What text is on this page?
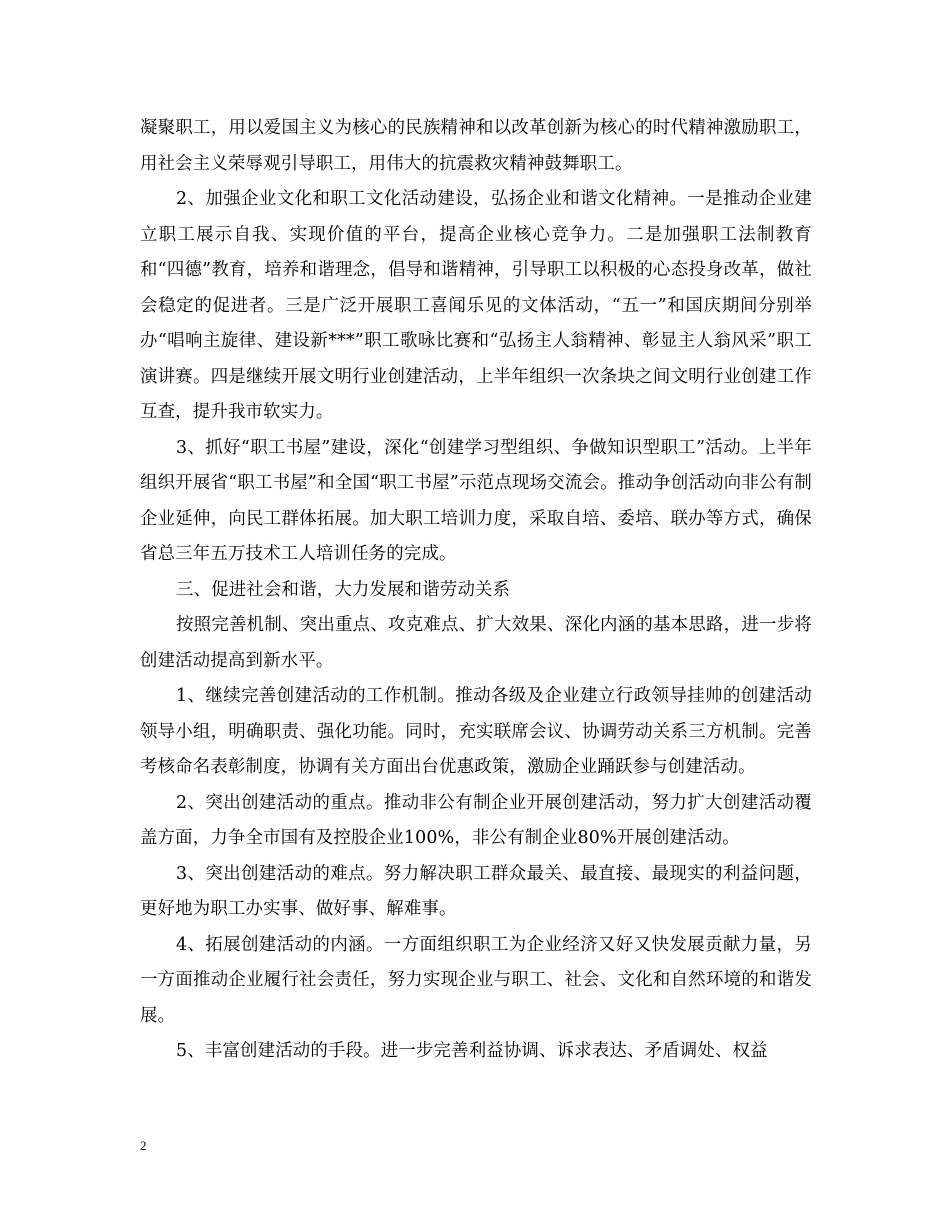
凝聚职工，用以爱国主义为核心的民族精神和以改革创新为核心的时代精神激励职工，用社会主义荣辱观引导职工，用伟大的抗震救灾精神鼓舞职工。

2、加强企业文化和职工文化活动建设，弘扬企业和谐文化精神。一是推动企业建立职工展示自我、实现价值的平台，提高企业核心竞争力。二是加强职工法制教育和“四德”教育，培养和谐理念，倡导和谐精神，引导职工以积极的心态投身改革，做社会稳定的促进者。三是广泛开展职工喜闻乐见的文体活动，“五一”和国庆期间分别举办“唱响主旋律、建设新***”职工歌咏比赛和“弘扬主人翁精神、彰显主人翁风采”职工演讲赛。四是继续开展文明行业创建活动，上半年组织一次条块之间文明行业创建工作互查，提升我市软实力。

3、抓好“职工书屋”建设，深化“创建学习型组织、争做知识型职工”活动。上半年组织开展省“职工书屋”和全国“职工书屋”示范点现场交流会。推动争创活动向非公有制企业延伸，向民工群体拓展。加大职工培训力度，采取自培、委培、联办等方式，确保省总三年五万技术工人培训任务的完成。

三、促进社会和谐，大力发展和谐劳动关系

按照完善机制、突出重点、攻克难点、扩大效果、深化内涵的基本思路，进一步将创建活动提高到新水平。

1、继续完善创建活动的工作机制。推动各级及企业建立行政领导挂帅的创建活动领导小组，明确职责、强化功能。同时，充实联席会议、协调劳动关系三方机制。完善考核命名表彰制度，协调有关方面出台优惠政策，激励企业踊跃参与创建活动。

2、突出创建活动的重点。推动非公有制企业开展创建活动，努力扩大创建活动覆盖方面，力争全市国有及控股企业100%，非公有制企业80%开展创建活动。

3、突出创建活动的难点。努力解决职工群众最关、最直接、最现实的利益问题，更好地为职工办实事、做好事、解难事。

4、拓展创建活动的内涵。一方面组织职工为企业经济又好又快发展贡献力量，另一方面推动企业履行社会责任，努力实现企业与职工、社会、文化和自然环境的和谐发展。

5、丰富创建活动的手段。进一步完善利益协调、诉求表达、矛盾调处、权益

2
